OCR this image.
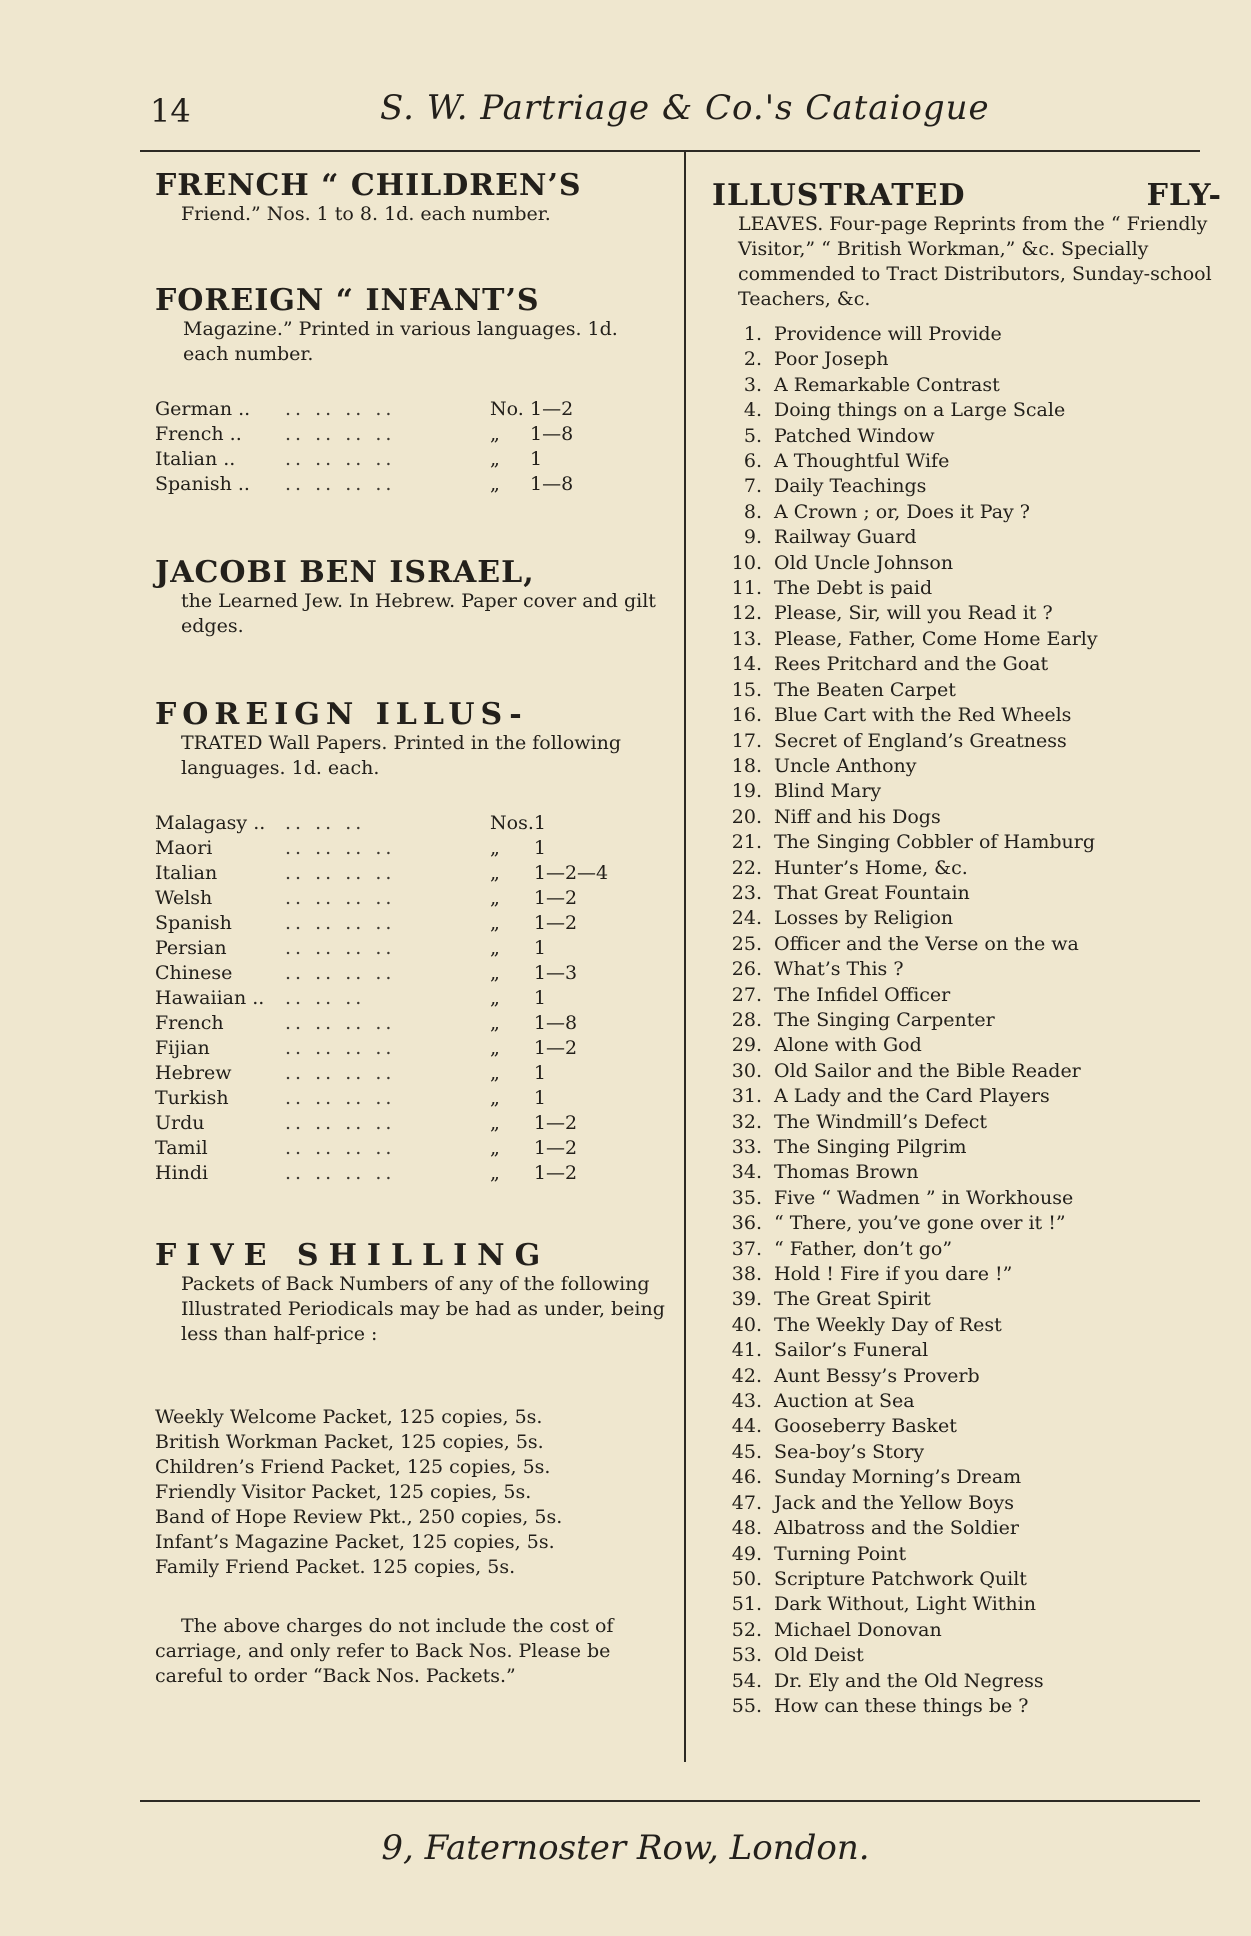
14	S. W. Partriage & Co.'s Cataiogue
FRENCH “ CHILDREN’S
Friend.” Nos. 1 to 8. 1d. each number.
FOREIGN “ INFANT’S
Magazine.” Printed in various languages. 1d. each number.
German ..	.. .. .. ..	No.	1—2
French ..	.. .. .. ..	„	1—8
Italian ..	.. .. .. ..	„	1
Spanish ..	.. .. .. ..	„	1—8
JACOBI BEN ISRAEL,
the Learned Jew. In Hebrew. Paper cover and gilt edges.
FOREIGN ILLUS-
TRATED Wall Papers. Printed in the following languages. 1d. each.
Malagasy ..	.. .. ..	Nos.	1
Maori	.. .. .. ..	„	1
Italian	.. .. .. ..	„	1—2—4
Welsh	.. .. .. ..	„	1—2
Spanish	.. .. .. ..	„	1—2
Persian	.. .. .. ..	„	1
Chinese	.. .. .. ..	„	1—3
Hawaiian ..	.. .. ..	„	1
French	.. .. .. ..	„	1—8
Fijian	.. .. .. ..	„	1—2
Hebrew	.. .. .. ..	„	1
Turkish	.. .. .. ..	„	1
Urdu	.. .. .. ..	„	1—2
Tamil	.. .. .. ..	„	1—2
Hindi	.. .. .. ..	„	1—2
FIVE SHILLING
Packets of Back Numbers of any of the following Illustrated Periodicals may be had as under, being less than half-price :
Weekly Welcome Packet, 125 copies, 5s.
British Workman Packet, 125 copies, 5s.
Children’s Friend Packet, 125 copies, 5s.
Friendly Visitor Packet, 125 copies, 5s.
Band of Hope Review Pkt., 250 copies, 5s.
Infant’s Magazine Packet, 125 copies, 5s.
Family Friend Packet. 125 copies, 5s.
The above charges do not include the cost of carriage, and only refer to Back Nos. Please be careful to order “Back Nos. Packets.”
ILLUSTRATED	FLY-
LEAVES. Four-page Reprints from the “ Friendly Visitor,” “ British Workman,” &c. Specially commended to Tract Distributors, Sunday-school Teachers, &c.
1. Providence will Provide
2. Poor Joseph
3. A Remarkable Contrast
4. Doing things on a Large Scale
5. Patched Window
6. A Thoughtful Wife
7. Daily Teachings
8. A Crown ; or, Does it Pay ?
9. Railway Guard
10. Old Uncle Johnson
11. The Debt is paid
12. Please, Sir, will you Read it ?
13. Please, Father, Come Home Early
14. Rees Pritchard and the Goat
15. The Beaten Carpet
16. Blue Cart with the Red Wheels
17. Secret of England’s Greatness
18. Uncle Anthony
19. Blind Mary
20. Niff and his Dogs
21. The Singing Cobbler of Hamburg
22. Hunter’s Home, &c.
23. That Great Fountain
24. Losses by Religion
25. Officer and the Verse on the wa
26. What’s This ?
27. The Infidel Officer
28. The Singing Carpenter
29. Alone with God
30. Old Sailor and the Bible Reader
31. A Lady and the Card Players
32. The Windmill’s Defect
33. The Singing Pilgrim
34. Thomas Brown
35. Five “ Wadmen ” in Workhouse
36. “ There, you’ve gone over it !”
37. “ Father, don’t go”
38. Hold ! Fire if you dare !”
39. The Great Spirit
40. The Weekly Day of Rest
41. Sailor’s Funeral
42. Aunt Bessy’s Proverb
43. Auction at Sea
44. Gooseberry Basket
45. Sea-boy’s Story
46. Sunday Morning’s Dream
47. Jack and the Yellow Boys
48. Albatross and the Soldier
49. Turning Point
50. Scripture Patchwork Quilt
51. Dark Without, Light Within
52. Michael Donovan
53. Old Deist
54. Dr. Ely and the Old Negress
55. How can these things be ?
9, Faternoster Row, London.
